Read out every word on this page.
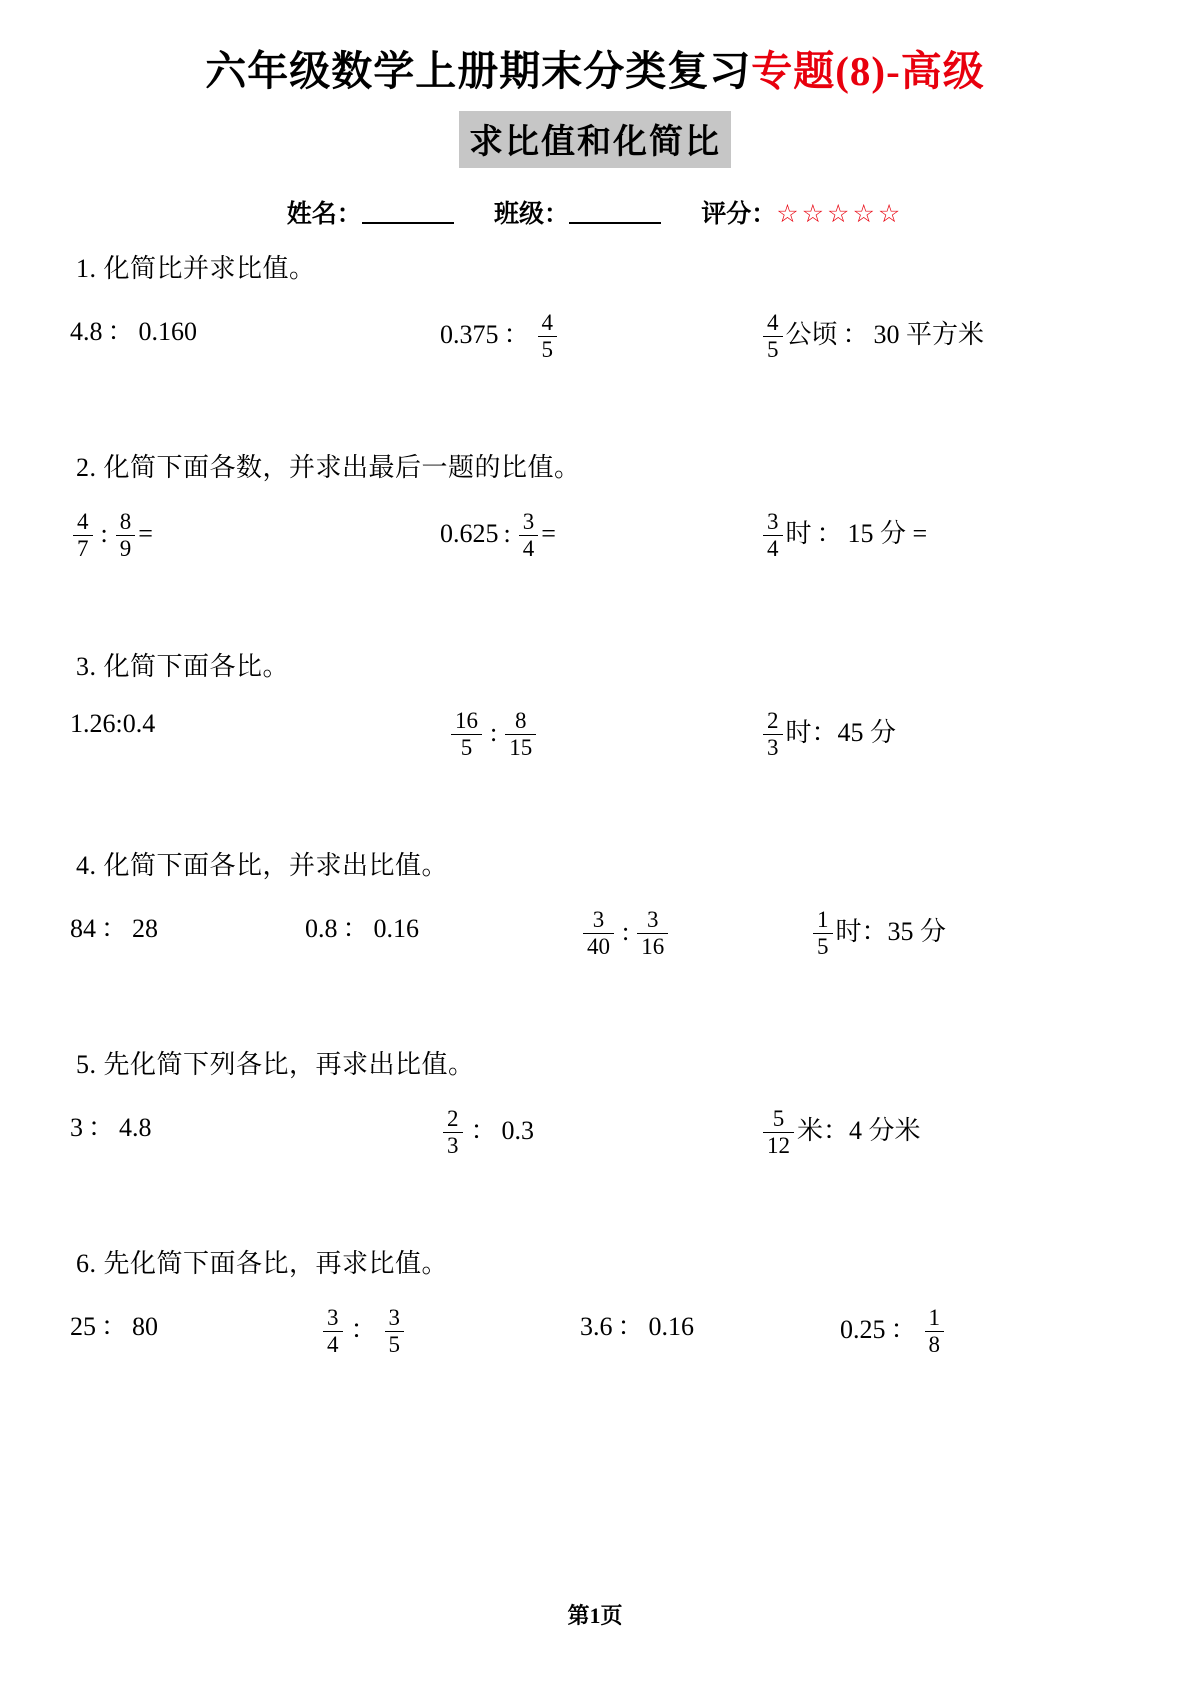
六年级数学上册期末分类复习专题(8)-高级
求比值和化简比
姓名：	班级：	评分：☆☆☆☆☆
1. 化简比并求比值。
4.8 ： 0.160	0.375 ： $\frac{4}{5}$	$\frac{4}{5}$ 公顷 ： 30 平方米
2. 化简下面各数，并求出最后一题的比值。
$\frac{4}{7}$ : $\frac{8}{9}$ =	0.625 : $\frac{3}{4}$ =	$\frac{3}{4}$ 时 ： 15 分 =
3. 化简下面各比。
1.26:0.4	$\frac{16}{5}$ : $\frac{8}{15}$	$\frac{2}{3}$ 时：45 分
4. 化简下面各比，并求出比值。
84 ： 28	0.8 ： 0.16	$\frac{3}{40}$ : $\frac{3}{16}$	$\frac{1}{5}$ 时：35 分
5. 先化简下列各比，再求出比值。
3 ： 4.8	$\frac{2}{3}$ ： 0.3	$\frac{5}{12}$ 米：4 分米
6. 先化简下面各比，再求比值。
25 ： 80	$\frac{3}{4}$ ： $\frac{3}{5}$	3.6 ： 0.16	0.25 ： $\frac{1}{8}$
第1页
